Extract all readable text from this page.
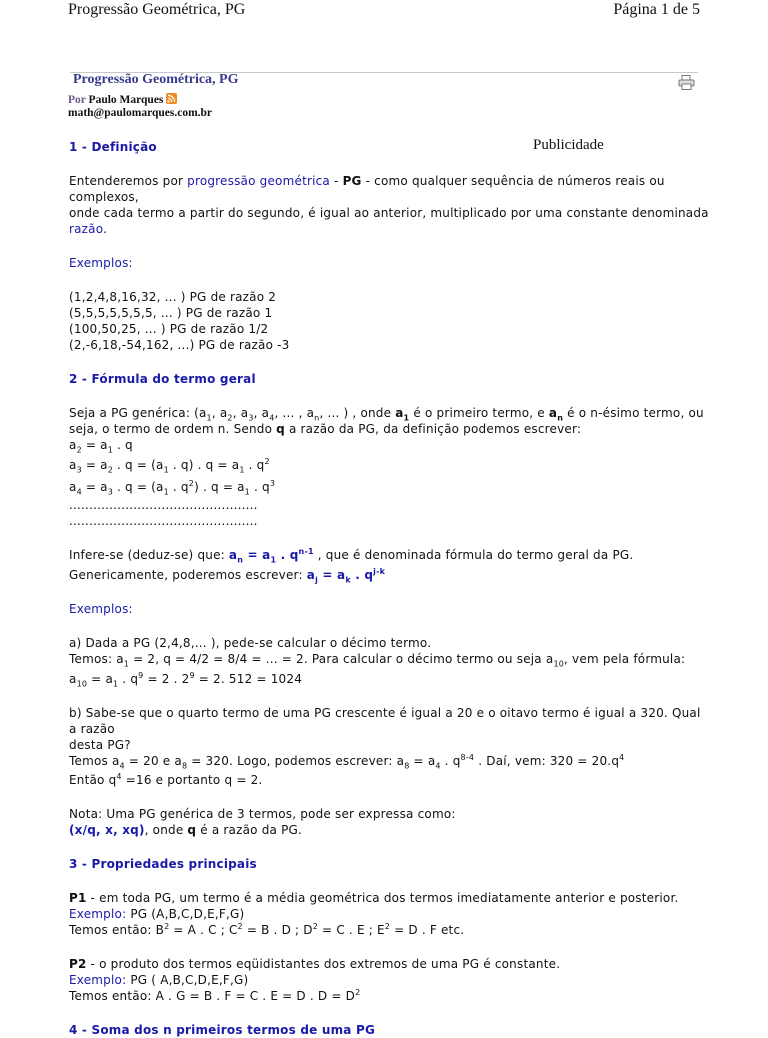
Progressão Geométrica, PG	Página 1 de 5
Progressão Geométrica, PG
Por Paulo Marques
math@paulomarques.com.br
Publicidade

1 - Definição

Entenderemos por progressão geométrica - PG - como qualquer sequência de números reais ou complexos,

onde cada termo a partir do segundo, é igual ao anterior, multiplicado por uma constante denominada razão.

Exemplos:

(1,2,4,8,16,32, ... ) PG de razão 2

(5,5,5,5,5,5,5, ... ) PG de razão 1

(100,50,25, ... ) PG de razão 1/2

(2,-6,18,-54,162, ...) PG de razão -3

2 - Fórmula do termo geral

Seja a PG genérica: ($a_1$, $a_2$, $a_3$, $a_4$, ... , $a_n$, ... ) , onde $a_1$ é o primeiro termo, e $a_n$ é o n-ésimo termo, ou

seja, o termo de ordem n. Sendo q a razão da PG, da definição podemos escrever:

$a_2 = a_1$ . q

$a_3 = a_2$ . $q = (a_1$ . q) . $q = a_1$ . $q^2$

$a_4 = a_3$ . $q = (a_1$ . $q^2$) . $q = a_1$ . $q^3$

...............................................

...............................................

Infere-se (deduz-se) que: $a_n = a_1$ . $q^{n-1}$ , que é denominada fórmula do termo geral da PG.

Genericamente, poderemos escrever: $a_j = a_k$ . $q^{j-k}$

Exemplos:

a) Dada a PG (2,4,8,... ), pede-se calcular o décimo termo.

Temos: $a_1 = 2$, q = 4/2 = 8/4 = ... = 2. Para calcular o décimo termo ou seja $a_{10}$, vem pela fórmula:

$a_{10} = a_1$ . $q^9 = 2$ . $2^9 = 2$. 512 = 1024

b) Sabe-se que o quarto termo de uma PG crescente é igual a 20 e o oitavo termo é igual a 320. Qual a razão

desta PG?

Temos $a_4 = 20$ e $a_8 = 320$. Logo, podemos escrever: $a_8 = a_4$ . $q^{8-4}$ . Daí, vem: $320 = 20.q^4$

Então $q^4 =16$ e portanto q = 2.

Nota: Uma PG genérica de 3 termos, pode ser expressa como:

(x/q, x, xq), onde q é a razão da PG.

3 - Propriedades principais

P1 - em toda PG, um termo é a média geométrica dos termos imediatamente anterior e posterior.

Exemplo: PG (A,B,C,D,E,F,G)

Temos então: $B^2 = A$ . C ; $C^2 = B$ . D ; $D^2 = C$ . E ; $E^2 = D$ . F etc.

P2 - o produto dos termos eqüidistantes dos extremos de uma PG é constante.

Exemplo: PG ( A,B,C,D,E,F,G)

Temos então: A . G = B . F = C . E = D . $D = D^2$

4 - Soma dos n primeiros termos de uma PG
